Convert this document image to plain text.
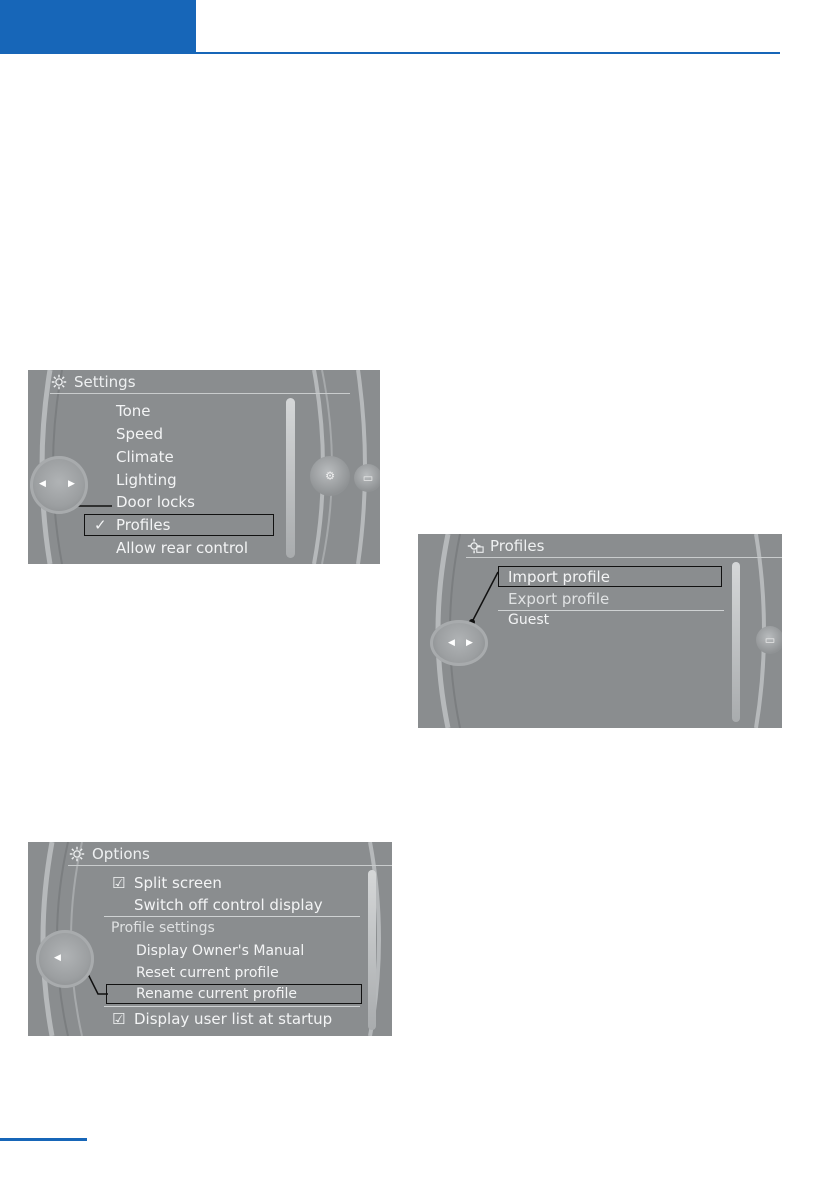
Settings
Tone
Speed
Climate
Lighting
Door locks
✓ Profiles
Allow rear control
◀ ▶
⚙	▭
Profiles
Import profile
Export profile
Guest
◀ ▶	▭
Options
☑ Split screen
Switch off control display
Profile settings
Display Owner's Manual
Reset current profile
Rename current profile
☑ Display user list at startup
◀
